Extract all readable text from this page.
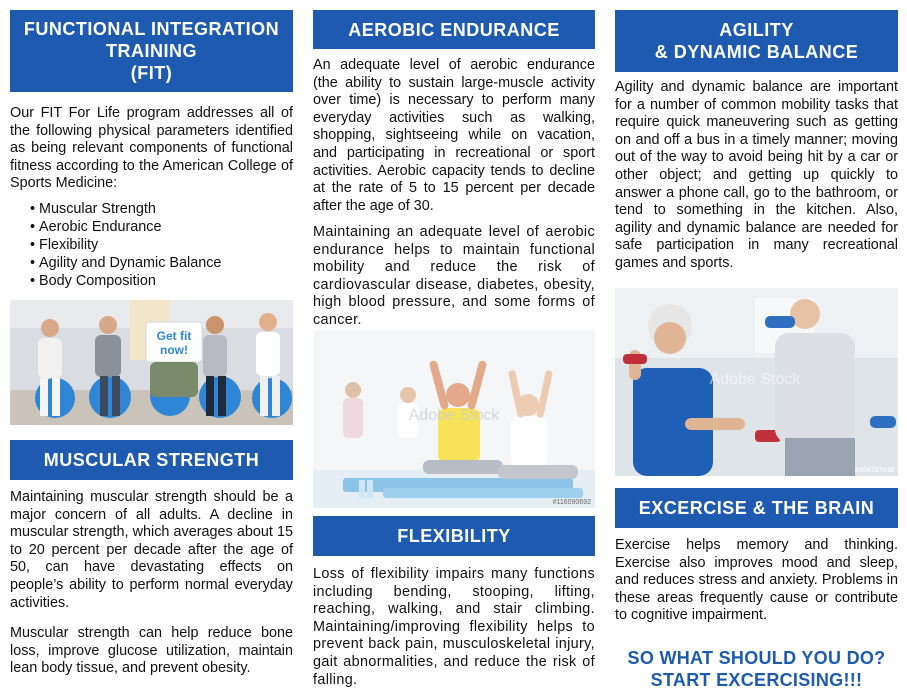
FUNCTIONAL INTEGRATION
TRAINING
(FIT)

Our FIT For Life program addresses all of the following physical parameters identified as being relevant components of functional fitness according to the American College of Sports Medicine:

• Muscular Strength
• Aerobic Endurance
• Flexibility
• Agility and Dynamic Balance
• Body Composition
Get fit
now!
MUSCULAR STRENGTH

Maintaining muscular strength should be a major concern of all adults. A decline in muscular strength, which averages about 15 to 20 percent per decade after the age of 50, can have devastating effects on people’s ability to perform normal everyday activities.

Muscular strength can help reduce bone loss, improve glucose utilization, maintain lean body tissue, and prevent obesity.

AEROBIC ENDURANCE

An adequate level of aerobic endurance (the ability to sustain large-muscle activity over time) is necessary to perform many everyday activities such as walking, shopping, sightseeing while on vacation, and participating in recreational or sport activities. Aerobic capacity tends to decline at the rate of 5 to 15 percent per decade after the age of 30.

Maintaining an adequate level of aerobic endurance helps to maintain functional mobility and reduce the risk of cardiovascular disease, diabetes, obesity, high blood pressure, and some forms of cancer.

Adobe Stock
#116090692
FLEXIBILITY

Loss of flexibility impairs many functions including bending, stooping, lifting, reaching, walking, and stair climbing. Maintaining/improving flexibility helps to prevent back pain, musculoskeletal injury, gait abnormalities, and reduce the risk of falling.

AGILITY
& DYNAMIC BALANCE

Agility and dynamic balance are important for a number of common mobility tasks that require quick maneuvering such as getting on and off a bus in a timely manner; moving out of the way to avoid being hit by a car or other object; and getting up quickly to answer a phone call, go to the bathroom, or tend to something in the kitchen. Also, agility and dynamic balance are needed for safe participation in many recreational games and sports.

Adobe Stock
#104757418
EXCERCISE & THE BRAIN

Exercise helps memory and thinking. Exercise also improves mood and sleep, and reduces stress and anxiety. Problems in these areas frequently cause or contribute to cognitive impairment.

SO WHAT SHOULD YOU DO?
START EXCERCISING!!!
